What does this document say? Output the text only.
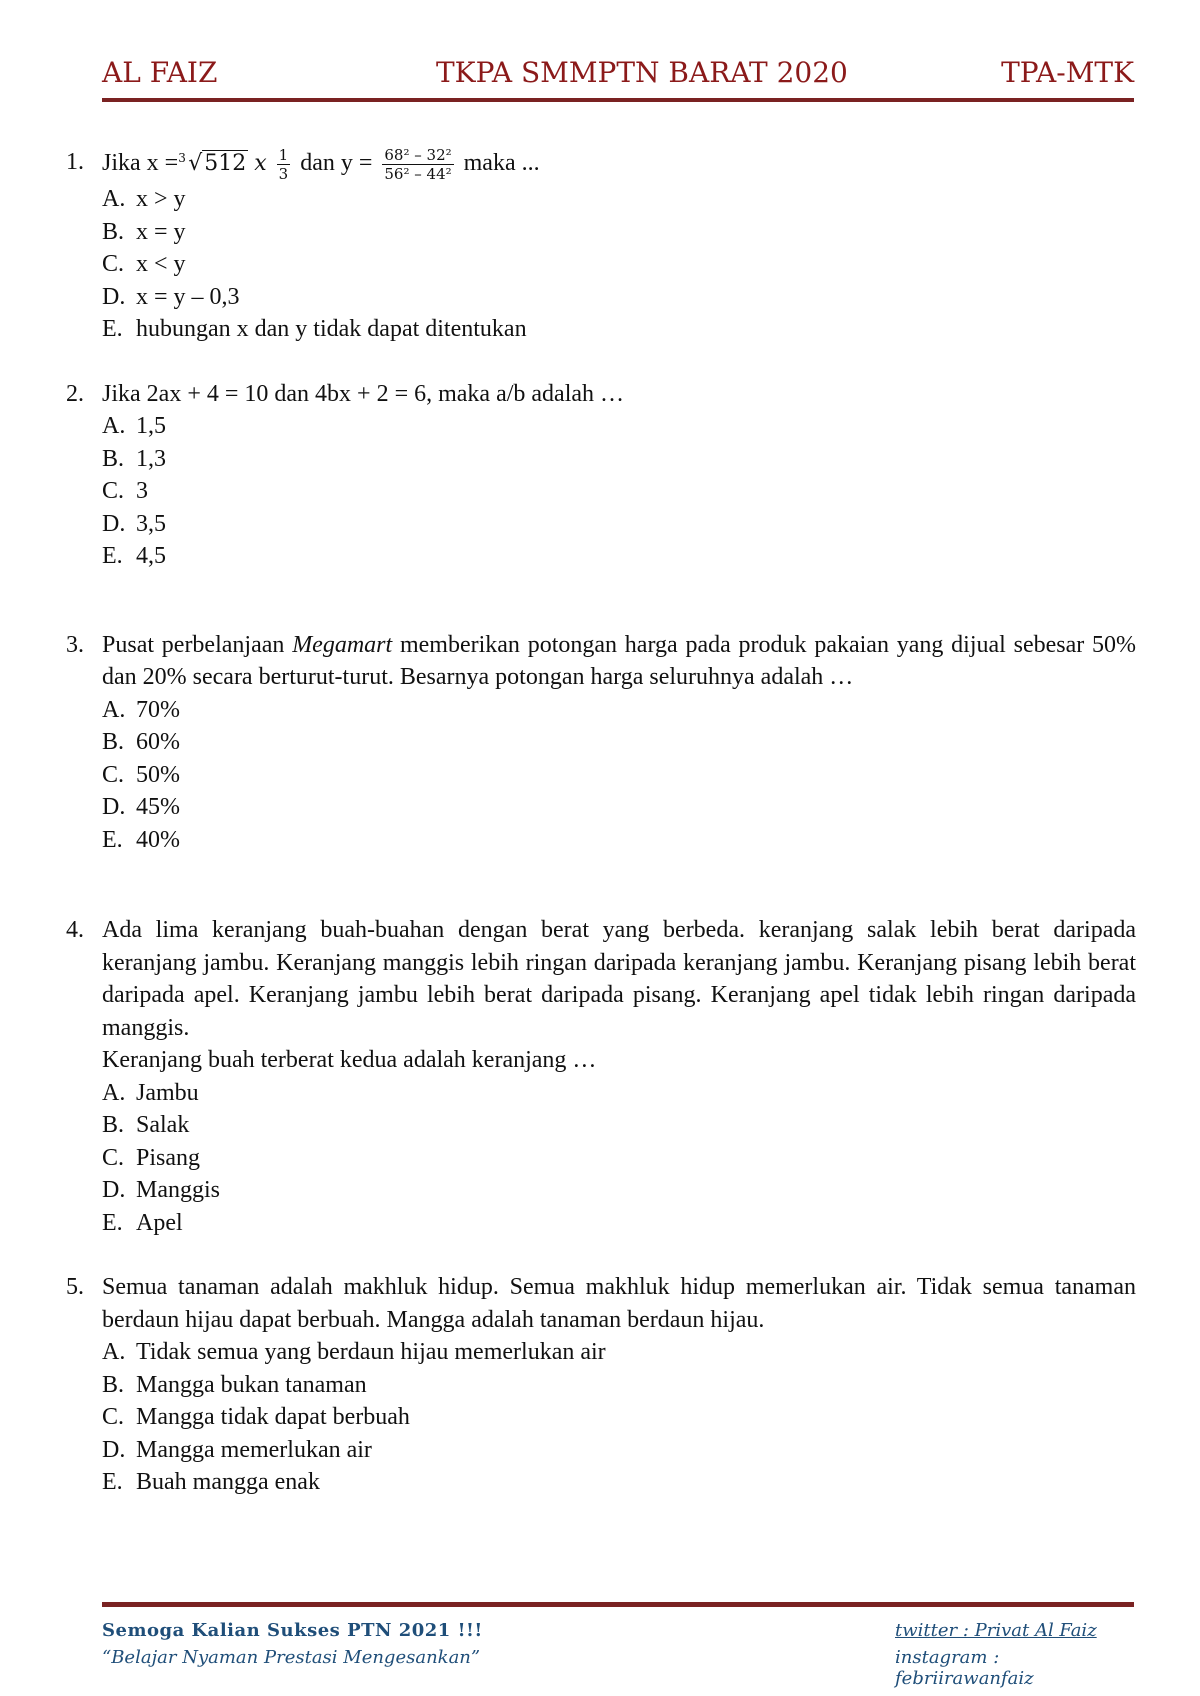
AL FAIZ	TKPA SMMPTN BARAT 2020	TPA-MTK
1. Jika x = 3 √512 x $\frac{1}{3}$ dan $y = \frac{\text{68² – 32²}}{\text{56² – 44²}}$ maka ...
A. x > y
B. x = y
C. x < y
D. x = y – 0,3
E. hubungan x dan y tidak dapat ditentukan
2. Jika 2ax + 4 = 10 dan 4bx + 2 = 6, maka a/b adalah …
A. 1,5
B. 1,3
C. 3
D. 3,5
E. 4,5
3. Pusat perbelanjaan Megamart memberikan potongan harga pada produk pakaian yang dijual sebesar 50% dan 20% secara berturut-turut. Besarnya potongan harga seluruhnya adalah …
A. 70%
B. 60%
C. 50%
D. 45%
E. 40%
4. Ada lima keranjang buah-buahan dengan berat yang berbeda. keranjang salak lebih berat daripada keranjang jambu. Keranjang manggis lebih ringan daripada keranjang jambu. Keranjang pisang lebih berat daripada apel. Keranjang jambu lebih berat daripada pisang. Keranjang apel tidak lebih ringan daripada manggis.
Keranjang buah terberat kedua adalah keranjang …
A. Jambu
B. Salak
C. Pisang
D. Manggis
E. Apel
5. Semua tanaman adalah makhluk hidup. Semua makhluk hidup memerlukan air. Tidak semua tanaman berdaun hijau dapat berbuah. Mangga adalah tanaman berdaun hijau.
A. Tidak semua yang berdaun hijau memerlukan air
B. Mangga bukan tanaman
C. Mangga tidak dapat berbuah
D. Mangga memerlukan air
E. Buah mangga enak
Semoga Kalian Sukses PTN 2021 !!!
“Belajar Nyaman Prestasi Mengesankan”
twitter : Privat Al Faiz
instagram : febriirawanfaiz
